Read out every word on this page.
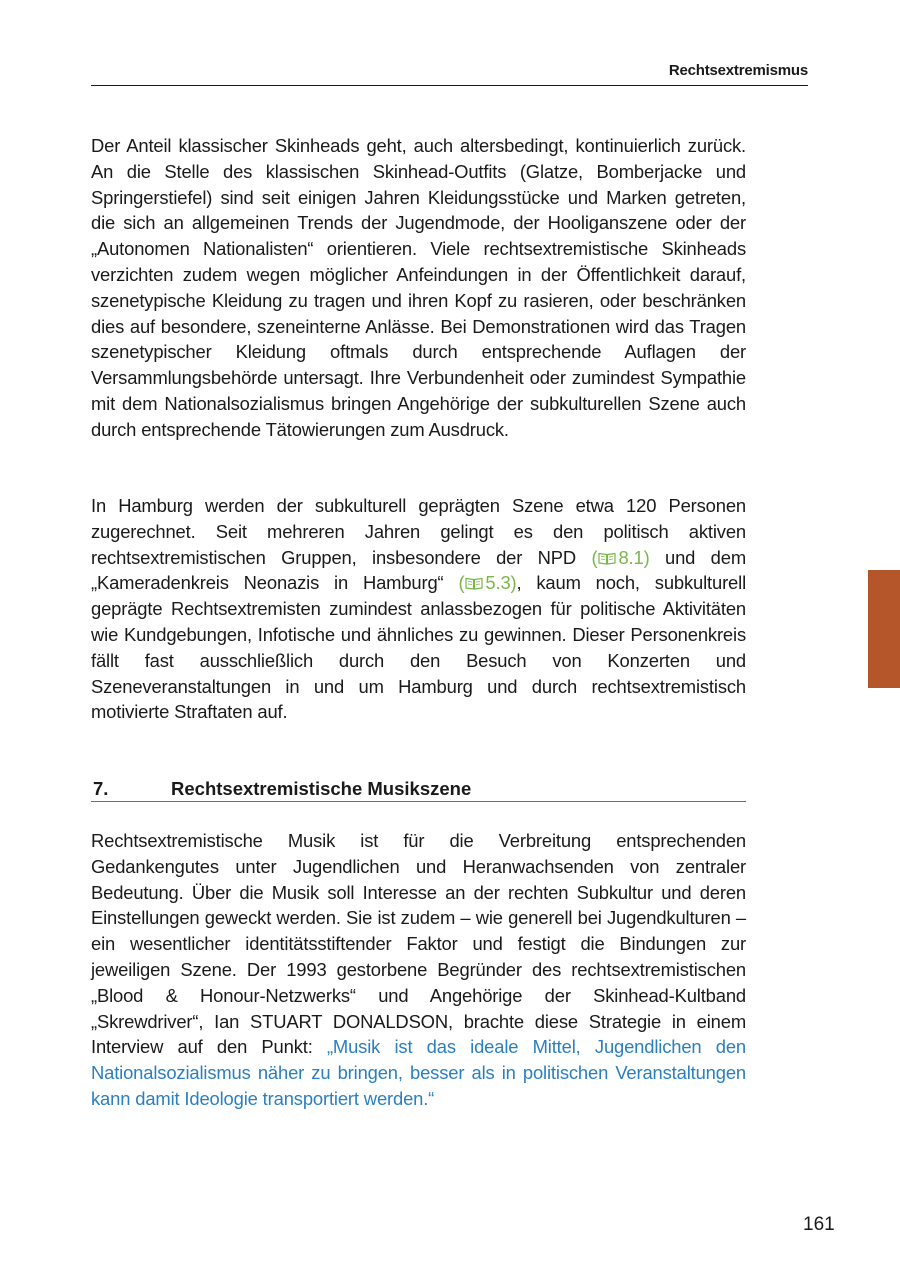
Rechtsextremismus

Der Anteil klassischer Skinheads geht, auch altersbedingt, kontinuierlich zurück. An die Stelle des klassischen Skinhead-Outfits (Glatze, Bomberjacke und Springerstiefel) sind seit einigen Jahren Kleidungsstücke und Marken getreten, die sich an allgemeinen Trends der Jugendmode, der Hooliganszene oder der „Autonomen Nationalisten“ orientieren. Viele rechtsextremistische Skinheads verzichten zudem wegen möglicher Anfeindungen in der Öffentlichkeit darauf, szenetypische Kleidung zu tragen und ihren Kopf zu rasieren, oder beschränken dies auf besondere, szeneinterne Anlässe. Bei Demonstrationen wird das Tragen szenetypischer Kleidung oftmals durch entsprechende Auflagen der Versammlungsbehörde untersagt. Ihre Verbundenheit oder zumindest Sympathie mit dem Nationalsozialismus bringen Angehörige der subkulturellen Szene auch durch entsprechende Tätowierungen zum Ausdruck.

In Hamburg werden der subkulturell geprägten Szene etwa 120 Personen zugerechnet. Seit mehreren Jahren gelingt es den politisch aktiven rechtsextremistischen Gruppen, insbesondere der NPD ( 8.1) und dem „Kameradenkreis Neonazis in Hamburg“ ( 5.3), kaum noch, subkulturell geprägte Rechtsextremisten zumindest anlassbezogen für politische Aktivitäten wie Kundgebungen, Infotische und ähnliches zu gewinnen. Dieser Personenkreis fällt fast ausschließlich durch den Besuch von Konzerten und Szeneveranstaltungen in und um Hamburg und durch rechtsextremistisch motivierte Straftaten auf.

7.	Rechtsextremistische Musikszene

Rechtsextremistische Musik ist für die Verbreitung entsprechenden Gedankengutes unter Jugendlichen und Heranwachsenden von zentraler Bedeutung. Über die Musik soll Interesse an der rechten Subkultur und deren Einstellungen geweckt werden. Sie ist zudem – wie generell bei Jugendkulturen – ein wesentlicher identitätsstiftender Faktor und festigt die Bindungen zur jeweiligen Szene. Der 1993 gestorbene Begründer des rechtsextremistischen „Blood & Honour-Netzwerks“ und Angehörige der Skinhead-Kultband „Skrewdriver“, Ian STUART DONALDSON, brachte diese Strategie in einem Interview auf den Punkt: „Musik ist das ideale Mittel, Jugendlichen den Nationalsozialismus näher zu bringen, besser als in politischen Veranstaltungen kann damit Ideologie transportiert werden.“

161
